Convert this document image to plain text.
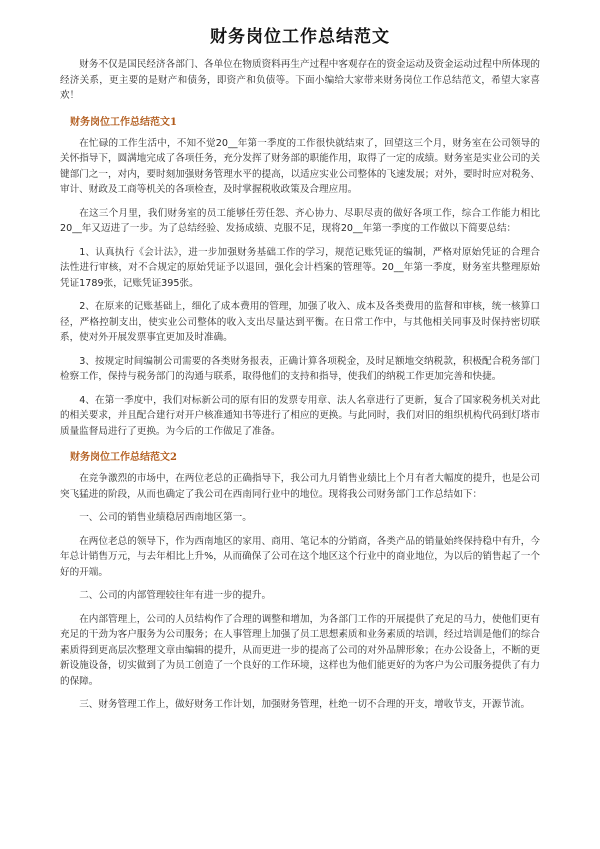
财务岗位工作总结范文

财务不仅是国民经济各部门、各单位在物质资料再生产过程中客观存在的资金运动及资金运动过程中所体现的经济关系，更主要的是财产和债务，即资产和负债等。下面小编给大家带来财务岗位工作总结范文，希望大家喜欢！

财务岗位工作总结范文1

在忙碌的工作生活中，不知不觉20__年第一季度的工作很快就结束了，回望这三个月，财务室在公司领导的关怀指导下，圆满地完成了各项任务，充分发挥了财务部的职能作用，取得了一定的成绩。财务室是实业公司的关键部门之一，对内，要时刻加强财务管理水平的提高，以适应实业公司整体的飞速发展；对外，要时时应对税务、审计、财政及工商等机关的各项检查，及时掌握税收政策及合理应用。

在这三个月里，我们财务室的员工能够任劳任怨、齐心协力、尽职尽责的做好各项工作，综合工作能力相比20__年又迈进了一步。为了总结经验、发扬成绩、克服不足，现将20__年第一季度的工作做以下简要总结：

1、认真执行《会计法》，进一步加强财务基础工作的学习，规范记账凭证的编制，严格对原始凭证的合理合法性进行审核，对不合规定的原始凭证予以退回，强化会计档案的管理等。20__年第一季度，财务室共整理原始凭证1789张，记账凭证395张。

2、在原来的记账基础上，细化了成本费用的管理，加强了收入、成本及各类费用的监督和审核，统一核算口径，严格控制支出，使实业公司整体的收入支出尽量达到平衡。在日常工作中，与其他相关同事及时保持密切联系，使对外开展发票事宜更加及时准确。

3、按规定时间编制公司需要的各类财务报表，正确计算各项税金，及时足额地交纳税款，积极配合税务部门检察工作，保持与税务部门的沟通与联系，取得他们的支持和指导，使我们的纳税工作更加完善和快捷。

4、在第一季度中，我们对标新公司的原有旧的发票专用章、法人名章进行了更新，复合了国家税务机关对此的相关要求，并且配合建行对开户核准通知书等进行了相应的更换。与此同时，我们对旧的组织机构代码到灯塔市质量监督局进行了更换。为今后的工作做足了准备。

财务岗位工作总结范文2

在竞争激烈的市场中，在两位老总的正确指导下，我公司九月销售业绩比上个月有者大幅度的提升，也是公司突飞猛进的阶段，从而也确定了我公司在西南同行业中的地位。现将我公司财务部门工作总结如下：

一、公司的销售业绩稳居西南地区第一。

在两位老总的领导下，作为西南地区的家用、商用、笔记本的分销商，各类产品的销量始终保持稳中有升，今年总计销售万元，与去年相比上升%，从而确保了公司在这个地区这个行业中的商业地位，为以后的销售起了一个好的开端。

二、公司的内部管理较往年有进一步的提升。

在内部管理上，公司的人员结构作了合理的调整和增加，为各部门工作的开展提供了充足的马力，使他们更有充足的干劲为客户服务为公司服务；在人事管理上加强了员工思想素质和业务素质的培训，经过培训是他们的综合素质得到更高层次整理文章由编辑的提升，从而更进一步的提高了公司的对外品牌形象；在办公设备上，不断的更新设施设备，切实做到了为员工创造了一个良好的工作环境，这样也为他们能更好的为客户为公司服务提供了有力的保障。

三、财务管理工作上，做好财务工作计划，加强财务管理，杜绝一切不合理的开支，增收节支，开源节流。
